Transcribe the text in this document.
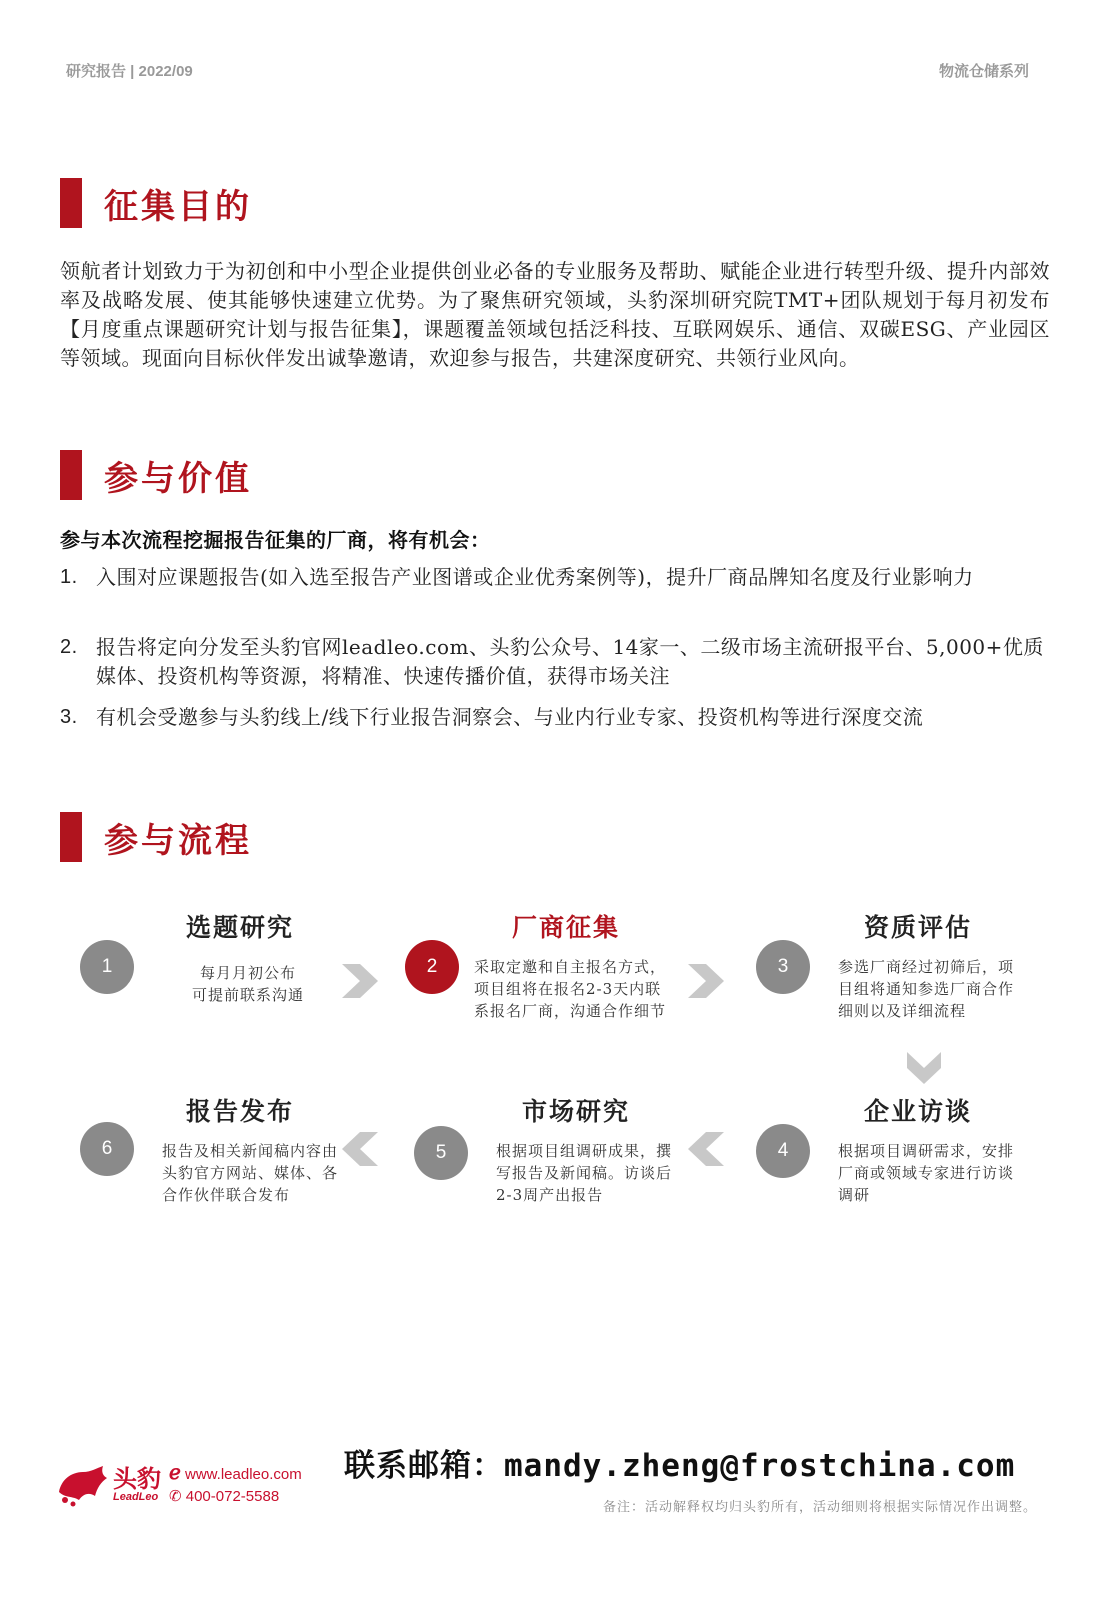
研究报告 | 2022/09	物流仓储系列
征集目的
领航者计划致力于为初创和中小型企业提供创业必备的专业服务及帮助、赋能企业进行转型升级、提升内部效率及战略发展、使其能够快速建立优势。为了聚焦研究领域，头豹深圳研究院TMT+团队规划于每月初发布【月度重点课题研究计划与报告征集】，课题覆盖领域包括泛科技、互联网娱乐、通信、双碳ESG、产业园区等领域。现面向目标伙伴发出诚挚邀请，欢迎参与报告，共建深度研究、共领行业风向。
参与价值
参与本次流程挖掘报告征集的厂商，将有机会：
1. 入围对应课题报告(如入选至报告产业图谱或企业优秀案例等)，提升厂商品牌知名度及行业影响力
2. 报告将定向分发至头豹官网leadleo.com、头豹公众号、14家一、二级市场主流研报平台、5,000+优质媒体、投资机构等资源，将精准、快速传播价值，获得市场关注
3. 有机会受邀参与头豹线上/线下行业报告洞察会、与业内行业专家、投资机构等进行深度交流
参与流程
选题研究
1	每月月初公布
可提前联系沟通
厂商征集
2	采取定邀和自主报名方式，项目组将在报名2-3天内联系报名厂商，沟通合作细节
资质评估
3	参选厂商经过初筛后，项目组将通知参选厂商合作细则以及详细流程
报告发布
6	报告及相关新闻稿内容由头豹官方网站、媒体、各合作伙伴联合发布
市场研究
5	根据项目组调研成果，撰写报告及新闻稿。访谈后2-3周产出报告
企业访谈
4	根据项目调研需求，安排厂商或领域专家进行访谈调研
头豹
LeadLeo
ℯ www.leadleo.com
✆ 400-072-5588
联系邮箱：mandy.zheng@frostchina.com
备注：活动解释权均归头豹所有，活动细则将根据实际情况作出调整。
